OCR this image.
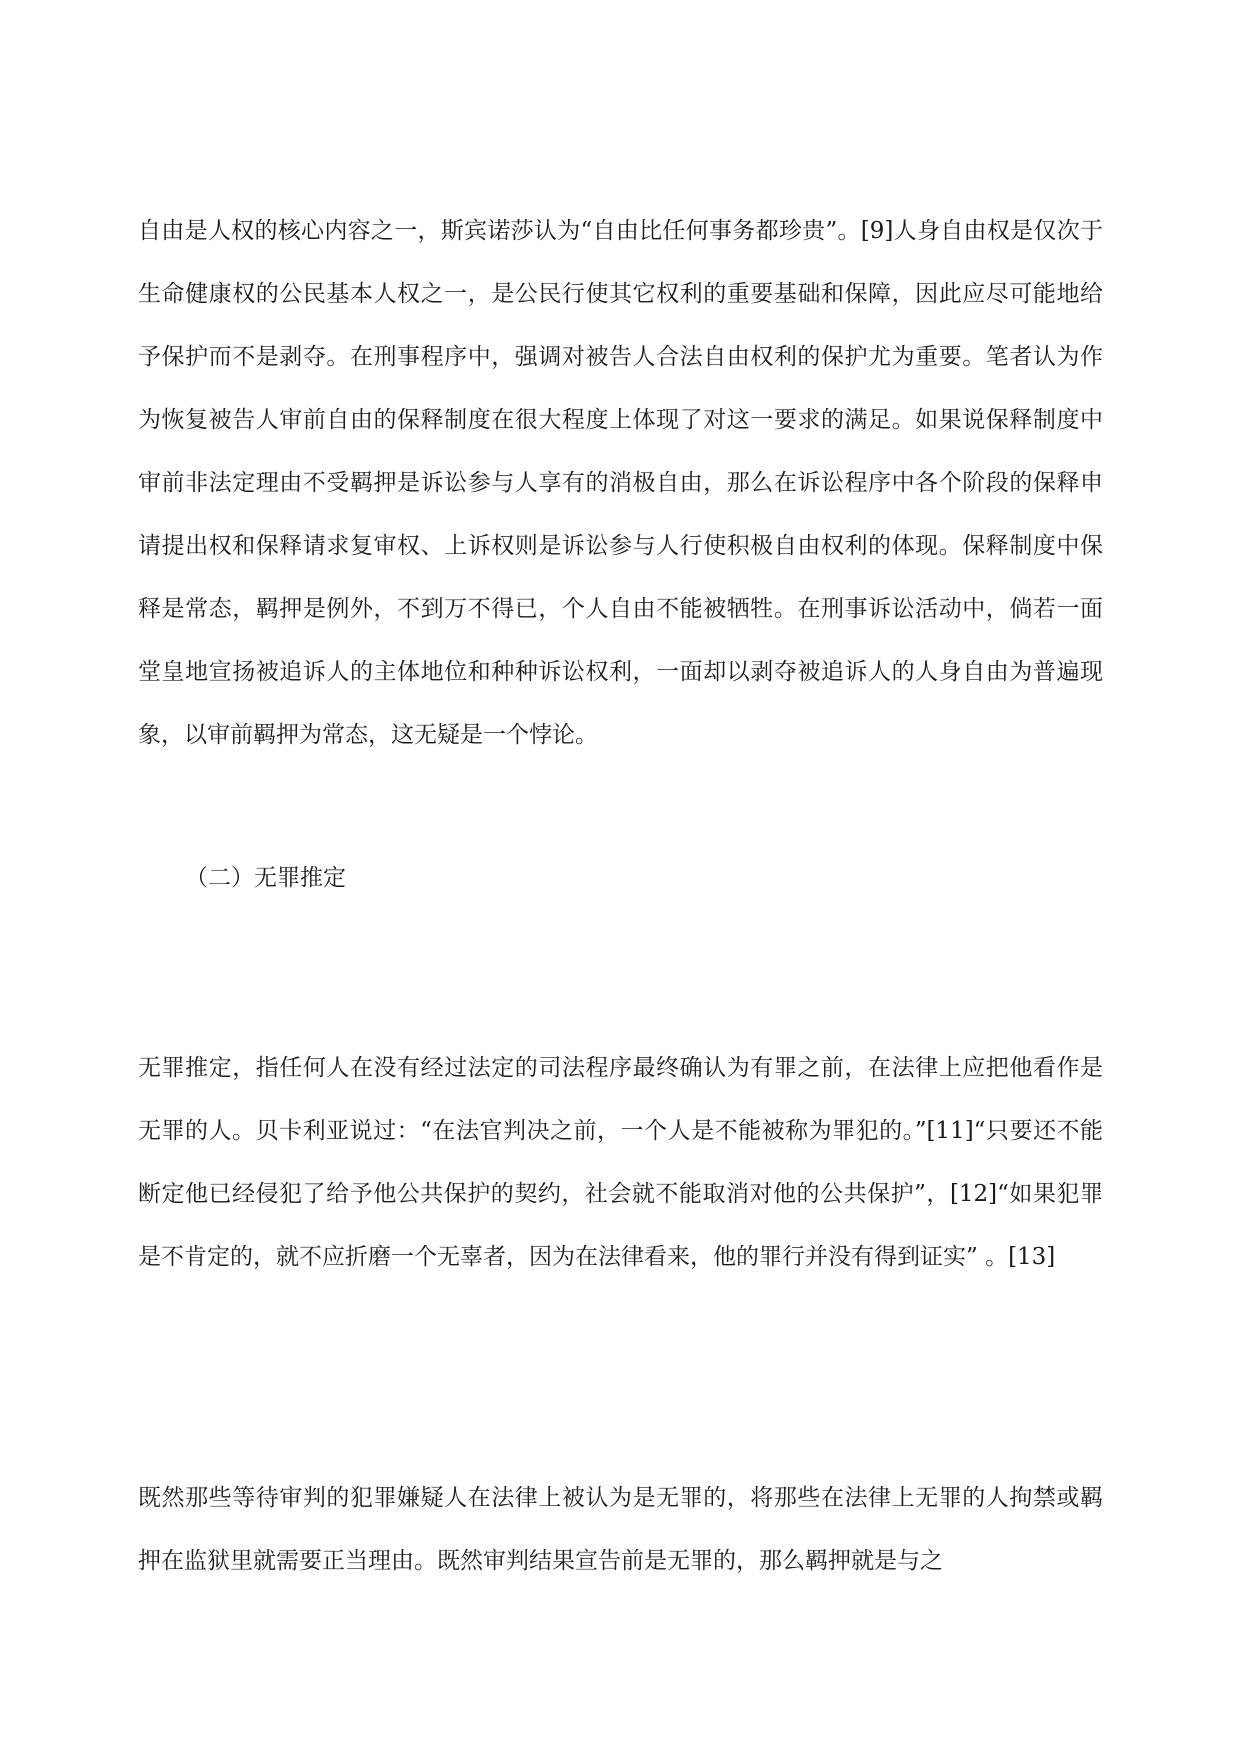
自由是人权的核心内容之一，斯宾诺莎认为“自由比任何事务都珍贵”。[9]人身自由权是仅次于生命健康权的公民基本人权之一，是公民行使其它权利的重要基础和保障，因此应尽可能地给予保护而不是剥夺。在刑事程序中，强调对被告人合法自由权利的保护尤为重要。笔者认为作为恢复被告人审前自由的保释制度在很大程度上体现了对这一要求的满足。如果说保释制度中审前非法定理由不受羁押是诉讼参与人享有的消极自由，那么在诉讼程序中各个阶段的保释申请提出权和保释请求复审权、上诉权则是诉讼参与人行使积极自由权利的体现。保释制度中保释是常态，羁押是例外，不到万不得已，个人自由不能被牺牲。在刑事诉讼活动中，倘若一面堂皇地宣扬被追诉人的主体地位和种种诉讼权利，一面却以剥夺被追诉人的人身自由为普遍现象，以审前羁押为常态，这无疑是一个悖论。

（二）无罪推定

无罪推定，指任何人在没有经过法定的司法程序最终确认为有罪之前，在法律上应把他看作是无罪的人。贝卡利亚说过：“在法官判决之前，一个人是不能被称为罪犯的。”[11]“只要还不能断定他已经侵犯了给予他公共保护的契约，社会就不能取消对他的公共保护”，[12]“如果犯罪是不肯定的，就不应折磨一个无辜者，因为在法律看来，他的罪行并没有得到证实” 。[13]

既然那些等待审判的犯罪嫌疑人在法律上被认为是无罪的，将那些在法律上无罪的人拘禁或羁押在监狱里就需要正当理由。既然审判结果宣告前是无罪的，那么羁押就是与之
